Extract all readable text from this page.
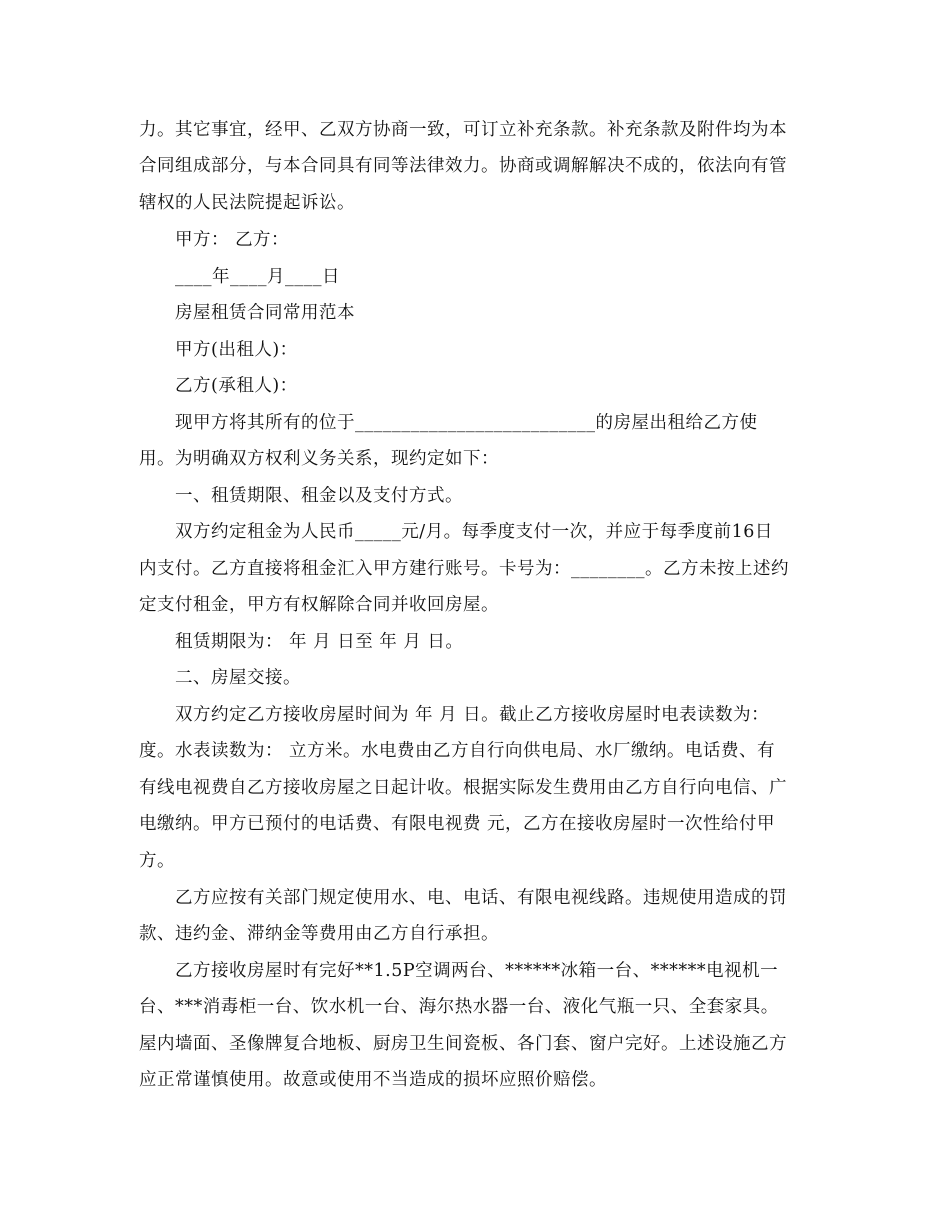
力。其它事宜，经甲、乙双方协商一致，可订立补充条款。补充条款及附件均为本
合同组成部分，与本合同具有同等法律效力。协商或调解解决不成的，依法向有管
辖权的人民法院提起诉讼。
甲方： 乙方：
____年____月____日
房屋租赁合同常用范本
甲方(出租人)：
乙方(承租人)：
现甲方将其所有的位于__________________________的房屋出租给乙方使
用。为明确双方权利义务关系，现约定如下：
一、租赁期限、租金以及支付方式。
双方约定租金为人民币_____元/月。每季度支付一次，并应于每季度前16日
内支付。乙方直接将租金汇入甲方建行账号。卡号为：________。乙方未按上述约
定支付租金，甲方有权解除合同并收回房屋。
租赁期限为： 年 月 日至 年 月 日。
二、房屋交接。
双方约定乙方接收房屋时间为 年 月 日。截止乙方接收房屋时电表读数为：
度。水表读数为： 立方米。水电费由乙方自行向供电局、水厂缴纳。电话费、有
有线电视费自乙方接收房屋之日起计收。根据实际发生费用由乙方自行向电信、广
电缴纳。甲方已预付的电话费、有限电视费 元，乙方在接收房屋时一次性给付甲
方。
乙方应按有关部门规定使用水、电、电话、有限电视线路。违规使用造成的罚
款、违约金、滞纳金等费用由乙方自行承担。
乙方接收房屋时有完好**1.5P空调两台、******冰箱一台、******电视机一
台、***消毒柜一台、饮水机一台、海尔热水器一台、液化气瓶一只、全套家具。
屋内墙面、圣像牌复合地板、厨房卫生间瓷板、各门套、窗户完好。上述设施乙方
应正常谨慎使用。故意或使用不当造成的损坏应照价赔偿。
